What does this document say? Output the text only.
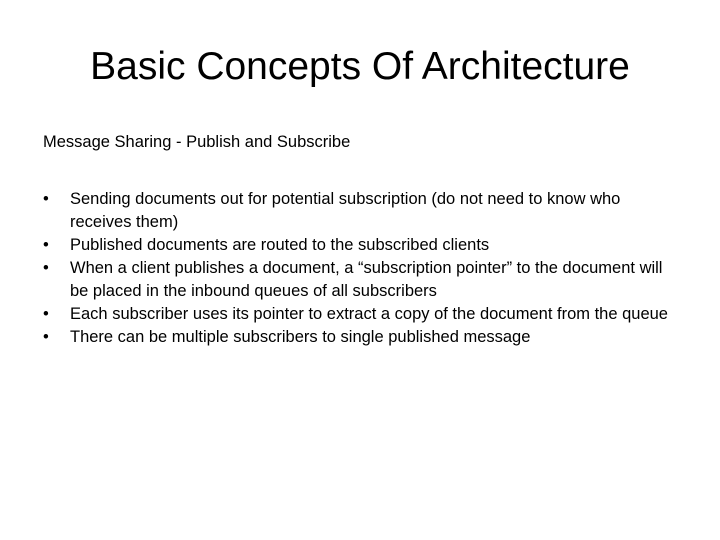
Basic Concepts Of Architecture

Message Sharing - Publish and Subscribe

•	Sending documents out for potential subscription (do not need to know who receives them)
•	Published documents are routed to the subscribed clients
•	When a client publishes a document, a “subscription pointer” to the document will be placed in the inbound queues of all subscribers
•	Each subscriber uses its pointer to extract a copy of the document from the queue
•	There can be multiple subscribers to single published message
